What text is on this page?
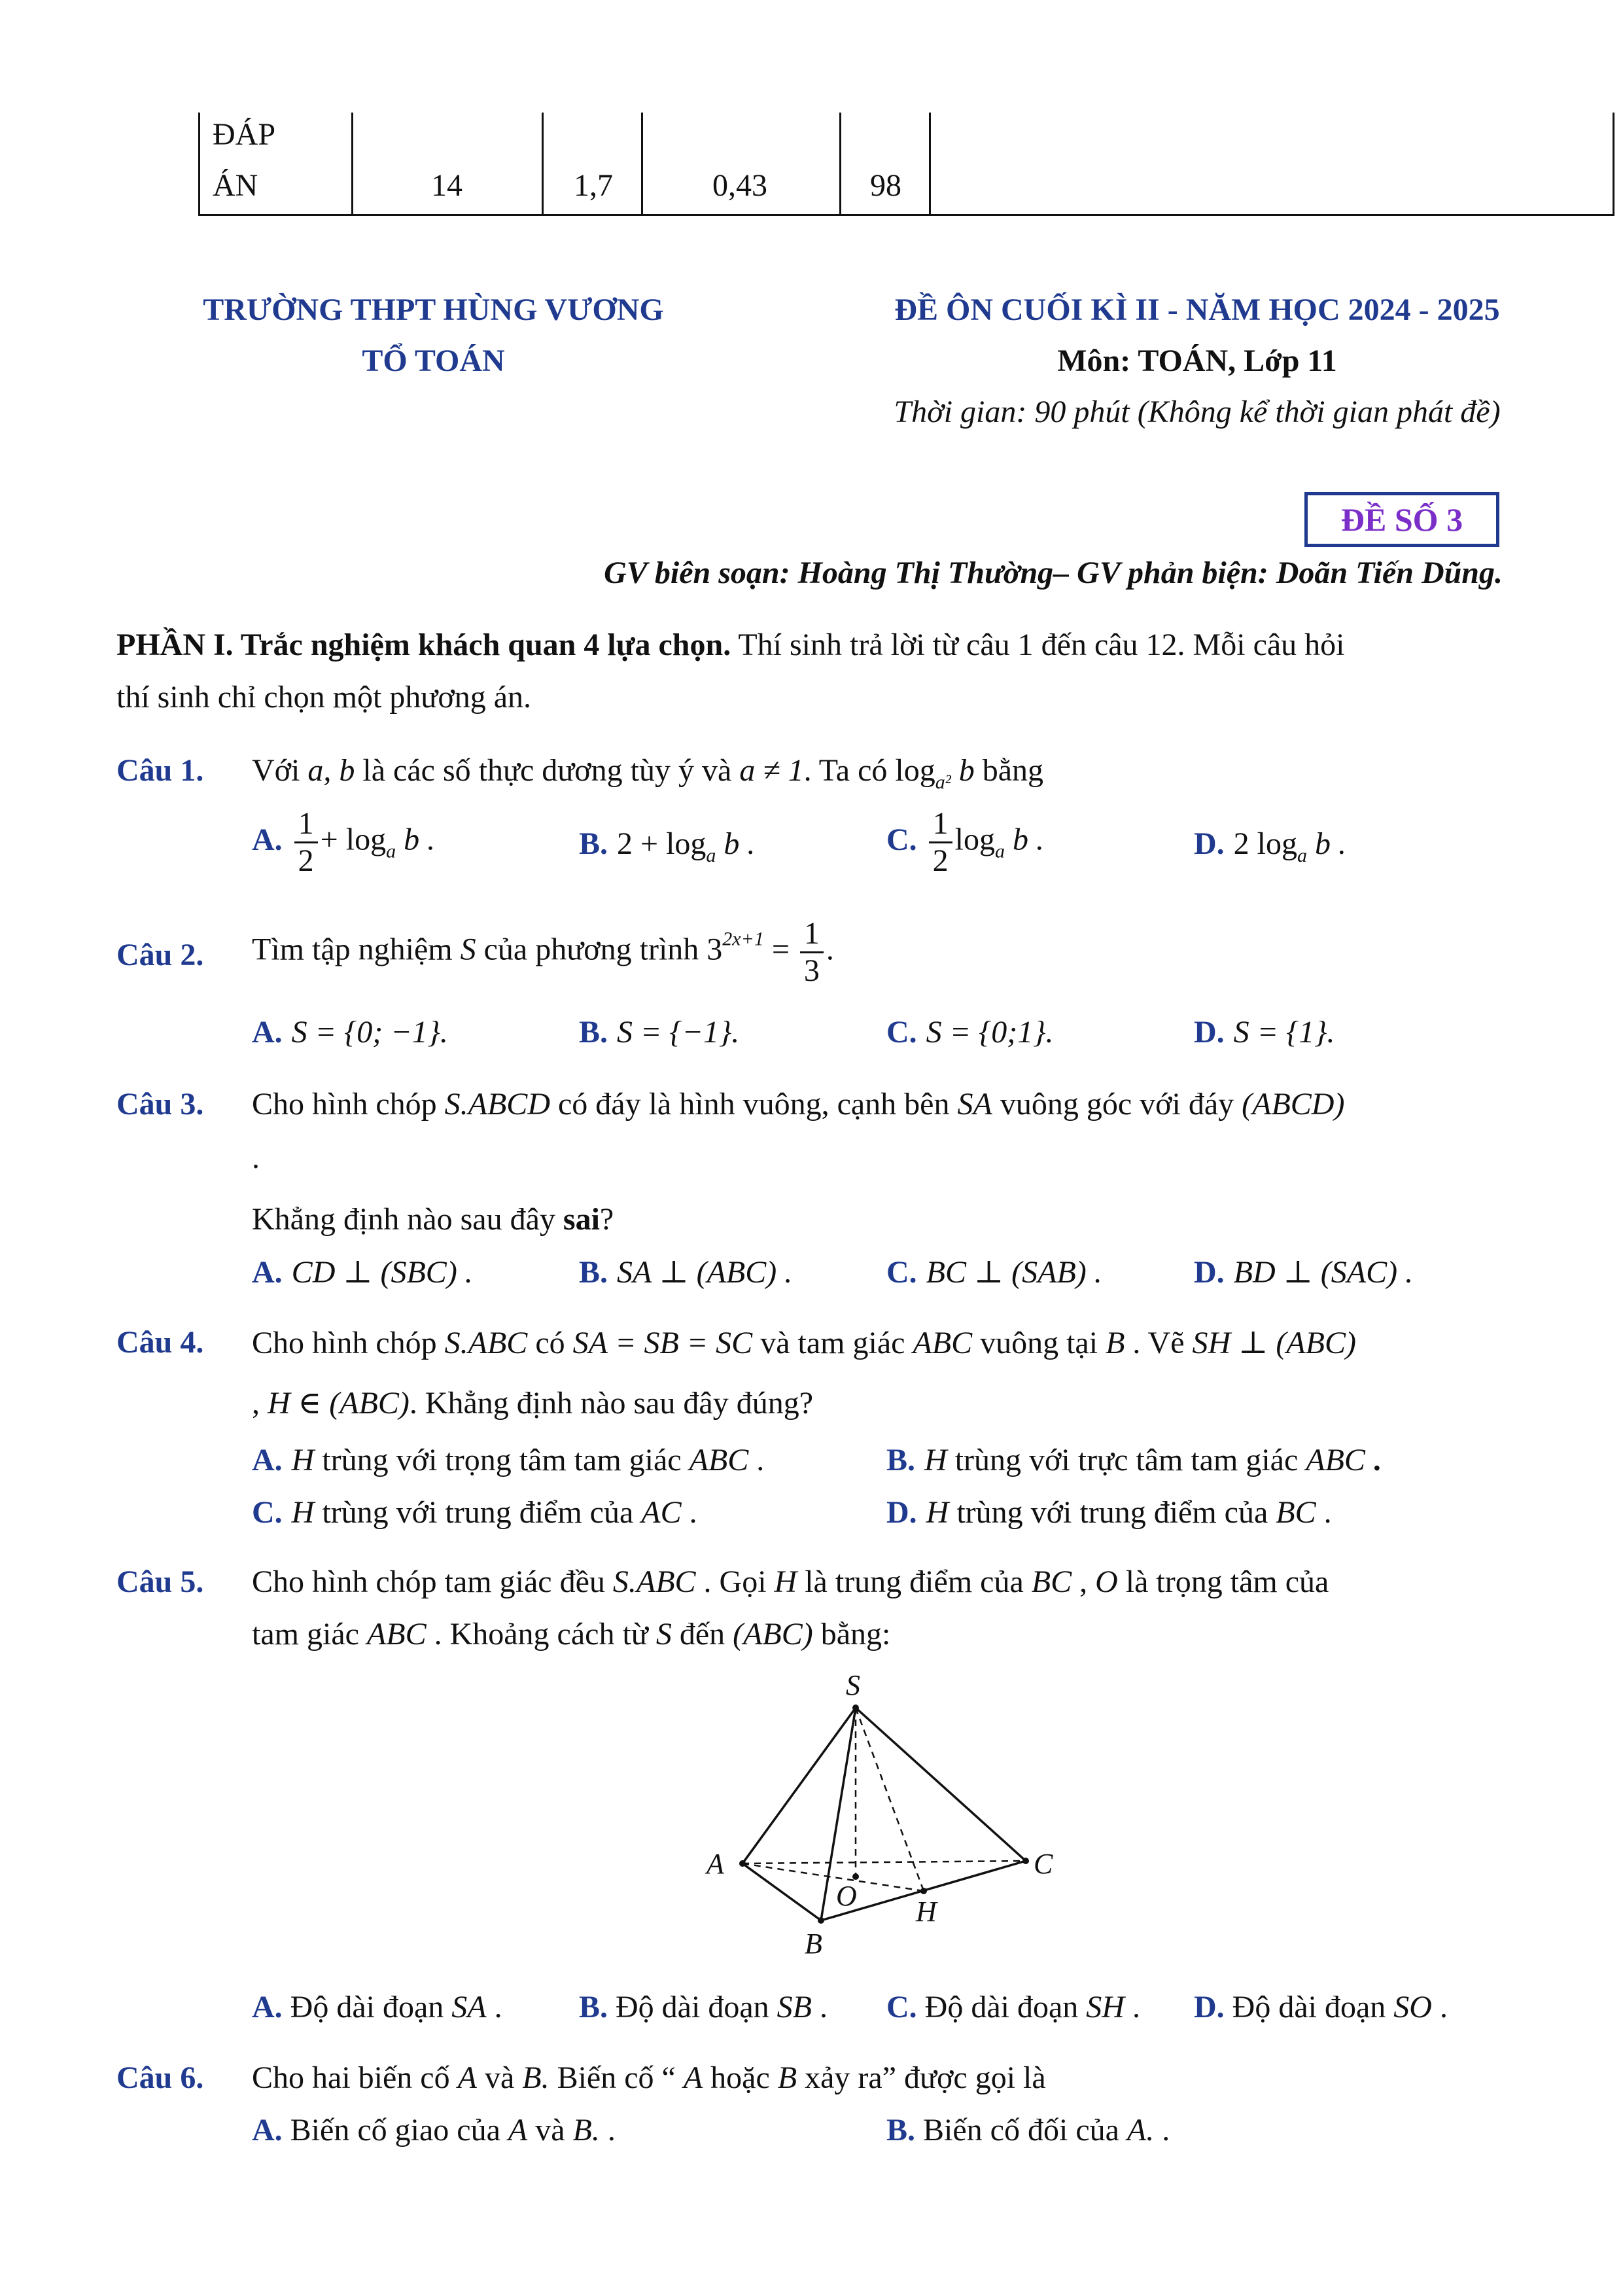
ĐÁP
ÁN	14	1,7	0,43	98
TRƯỜNG THPT HÙNG VƯƠNG
TỔ TOÁN
ĐỀ ÔN CUỐI KÌ II - NĂM HỌC 2024 - 2025
Môn: TOÁN, Lớp 11
Thời gian: 90 phút (Không kể thời gian phát đề)
ĐỀ SỐ 3
GV biên soạn: Hoàng Thị Thường– GV phản biện: Doãn Tiến Dũng.
PHẦN I. Trắc nghiệm khách quan 4 lựa chọn. Thí sinh trả lời từ câu 1 đến câu 12. Mỗi câu hỏi
thí sinh chỉ chọn một phương án.
Câu 1. Với a, b là các số thực dương tùy ý và a ≠ 1. Ta có $\log_{a^2} b$ bằng
A. $\frac{1}{2} + \log_a b$ .	B. $2 + \log_a b$ .	C. $\frac{1}{2} \log_a b$ .	D. 2 $\log_a b$ .
Câu 2. Tìm tập nghiệm S của phương trình $3^{2x+1} = \frac{1}{3}$ .
A. S = {0; −1}.	B. S = {−1}.	C. S = {0;1}.	D. S = {1}.
Câu 3. Cho hình chóp S.ABCD có đáy là hình vuông, cạnh bên SA vuông góc với đáy (ABCD)
.
Khẳng định nào sau đây sai?
A. CD ⊥ (SBC) .	B. SA ⊥ (ABC) .	C. BC ⊥ (SAB) .	D. BD ⊥ (SAC) .
Câu 4. Cho hình chóp S.ABC có SA = SB = SC và tam giác ABC vuông tại B . Vẽ SH ⊥ (ABC)
, H ∈ (ABC). Khẳng định nào sau đây đúng?
A. H trùng với trọng tâm tam giác ABC .	B. H trùng với trực tâm tam giác ABC .
C. H trùng với trung điểm của AC .	D. H trùng với trung điểm của BC .
Câu 5. Cho hình chóp tam giác đều S.ABC . Gọi H là trung điểm của BC , O là trọng tâm của
tam giác ABC . Khoảng cách từ S đến (ABC) bằng:
S
A
B
C
O H
A. Độ dài đoạn SA . B. Độ dài đoạn SB . C. Độ dài đoạn SH . D. Độ dài đoạn SO .
Câu 6. Cho hai biến cố A và B. Biến cố “ A hoặc B xảy ra” được gọi là
A. Biến cố giao của A và B. .	B. Biến cố đối của A. .
